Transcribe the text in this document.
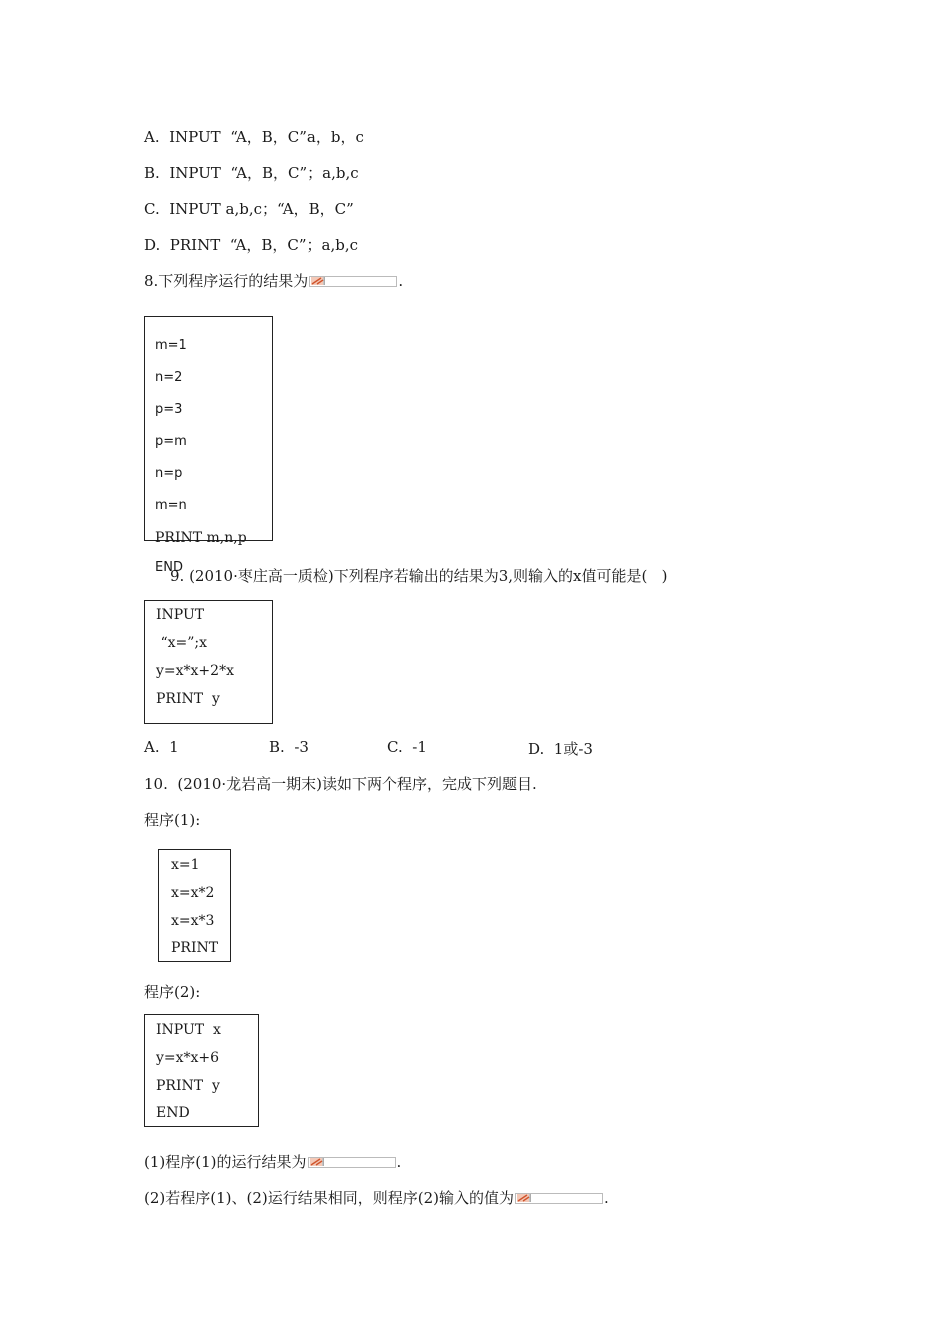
A.  INPUT  “A，B，C”a，b，c
B.  INPUT  “A，B，C”；a,b,c
C.  INPUT a,b,c；“A，B，C”
D.  PRINT  “A，B，C”；a,b,c
8.下列程序运行的结果为	.
m=1
n=2
p=3
p=m
n=p
m=n
PRINT m,n,p
END
9. (2010·枣庄高一质检)下列程序若输出的结果为3,则输入的x值可能是(   )
INPUT
“x=”;x
y=x*x+2*x
PRINT  y
A.  1	B.  -3	C.  -1	D.  1或-3
10.  (2010·龙岩高一期末)读如下两个程序，完成下列题目.
程序(1):
x=1
x=x*2
x=x*3
PRINT
程序(2):
INPUT  x
y=x*x+6
PRINT  y
END
(1)程序(1)的运行结果为	.
(2)若程序(1)、(2)运行结果相同，则程序(2)输入的值为	.
